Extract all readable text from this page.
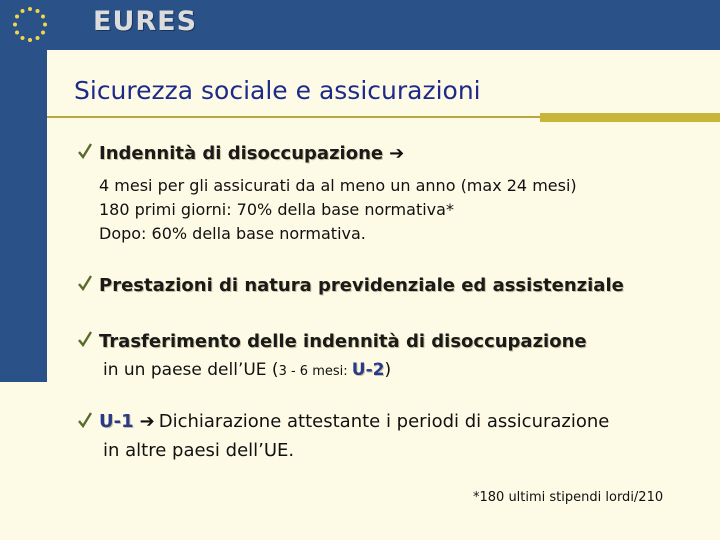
EURES
Sicurezza sociale e assicurazioni
Indennità di disoccupazione ➔
4 mesi per gli assicurati da al meno un anno (max 24 mesi)
180 primi giorni: 70% della base normativa*
Dopo: 60% della base normativa.
Prestazioni di natura previdenziale ed assistenziale
Trasferimento delle indennità di disoccupazione
in un paese dell’UE (3 - 6 mesi: U-2)
U-1 ➔ Dichiarazione attestante i periodi di assicurazione
in altre paesi dell’UE.
*180 ultimi stipendi lordi/210
